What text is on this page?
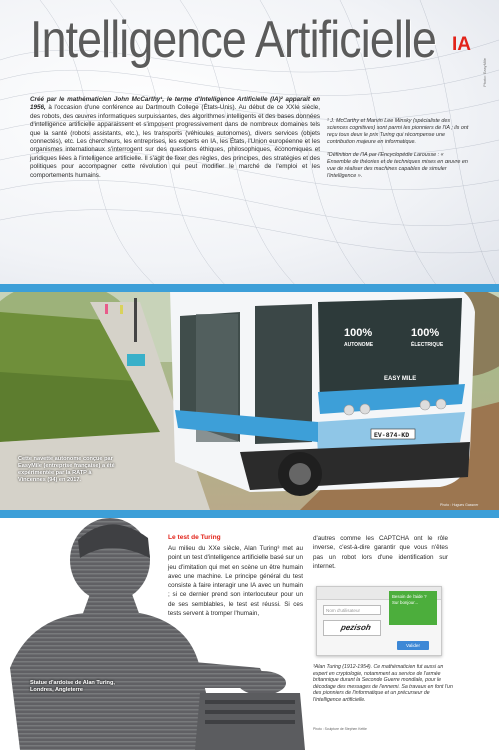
Intelligence Artificielle IA
Photo: EasyMile
Créé par le mathématicien John McCarthy¹, le terme d'Intelligence Artificielle (IA)² apparaît en 1956, à l'occasion d'une conférence au Dartmouth College (États-Unis). Au début de ce XXIe siècle, des robots, des œuvres informatiques surpuissantes, des algorithmes intelligents et des bases données d'intelligence artificielle apparaissent et s'imposent progressivement dans de nombreux domaines tels que la santé (robots assistants, etc.), les transports (véhicules autonomes), divers services (objets connectés), etc. Les chercheurs, les entreprises, les experts en IA, les États, l'Union européenne et les organismes internationaux s'interrogent sur des questions éthiques, philosophiques, économiques et juridiques liées à l'intelligence artificielle. Il s'agit de fixer des règles, des principes, des stratégies et des politiques pour accompagner cette révolution qui peut modifier le marché de l'emploi et les comportements humains.

¹ J. McCarthy et Marvin Lee Minsky (spécialiste des sciences cognitives) sont parmi les pionniers de l'IA ; ils ont reçu tous deux le prix Turing qui récompense une contribution majeure en informatique.

²Définition de l'IA par l'Encyclopédie Larousse : « Ensemble de théories et de techniques mises en œuvre en vue de réaliser des machines capables de simuler l'intelligence ».

100%	100%
EASY MILE
EV-874-KD
AUTONOME	ÉLECTRIQUE
Cette navette autonome conçue par EasyMile (entreprise française) a été expérimentée par la RATP à Vincennes (94) en 2017.
Photo : Hugues Gassner
Le test de Turing
Au milieu du XXe siècle, Alan Turing³ met au point un test d'intelligence artificielle basé sur un jeu d'imitation qui met en scène un être humain avec une machine. Le principe général du test consiste à faire interagir une IA avec un humain ; si ce dernier prend son interlocuteur pour un de ses semblables, le test est réussi. Si ces tests servent à tromper l'humain,
d'autres comme les CAPTCHA ont le rôle inverse, c'est-à-dire garantir que vous n'êtes pas un robot lors d'une identification sur internet.
Nom d'utilisateur
pezisoh
Besoin de l'aide ? Sur bonjour...
Valider
³Alan Turing (1912-1954). Ce mathématicien fut aussi un expert en cryptologie, notamment au service de l'armée britannique durant la Seconde Guerre mondiale, pour le décodage des messages de l'ennemi. Sa travaux en font l'un des pionniers de l'informatique et un précurseur de l'intelligence artificielle.
Photo : Sculpture de Stephen Kettle
Statue d'ardoise de Alan Turing, Londres, Angleterre
